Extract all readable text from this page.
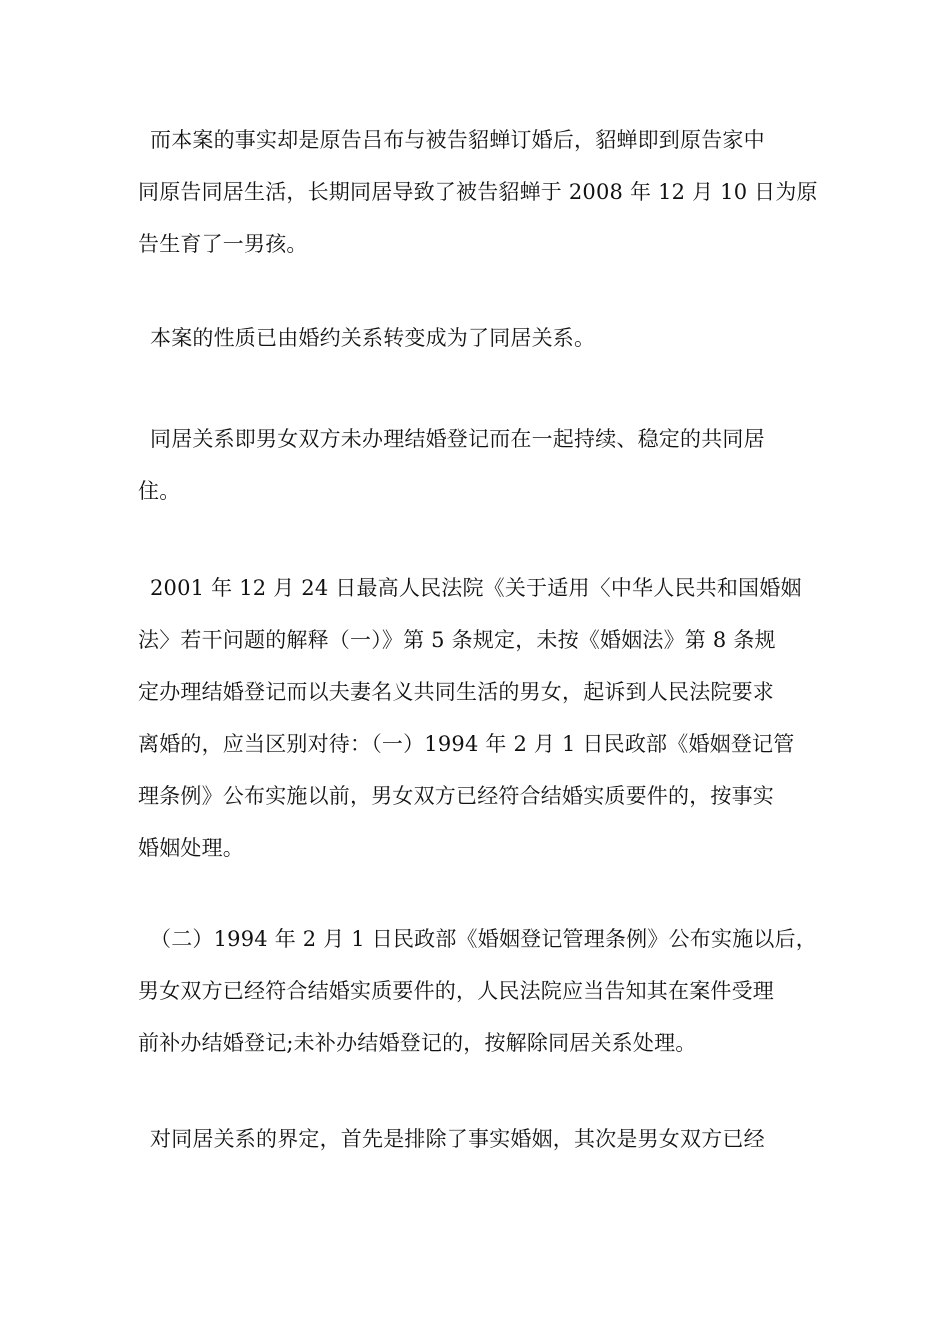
而本案的事实却是原告吕布与被告貂蝉订婚后，貂蝉即到原告家中
同原告同居生活，长期同居导致了被告貂蝉于 2008 年 12 月 10 日为原
告生育了一男孩。
本案的性质已由婚约关系转变成为了同居关系。
同居关系即男女双方未办理结婚登记而在一起持续、稳定的共同居
住。
2001 年 12 月 24 日最高人民法院《关于适用〈中华人民共和国婚姻
法〉若干问题的解释（一）》第 5 条规定，未按《婚姻法》第 8 条规
定办理结婚登记而以夫妻名义共同生活的男女，起诉到人民法院要求
离婚的，应当区别对待：（一）1994 年 2 月 1 日民政部《婚姻登记管
理条例》公布实施以前，男女双方已经符合结婚实质要件的，按事实
婚姻处理。
（二）1994 年 2 月 1 日民政部《婚姻登记管理条例》公布实施以后，
男女双方已经符合结婚实质要件的，人民法院应当告知其在案件受理
前补办结婚登记;未补办结婚登记的，按解除同居关系处理。
对同居关系的界定，首先是排除了事实婚姻，其次是男女双方已经
